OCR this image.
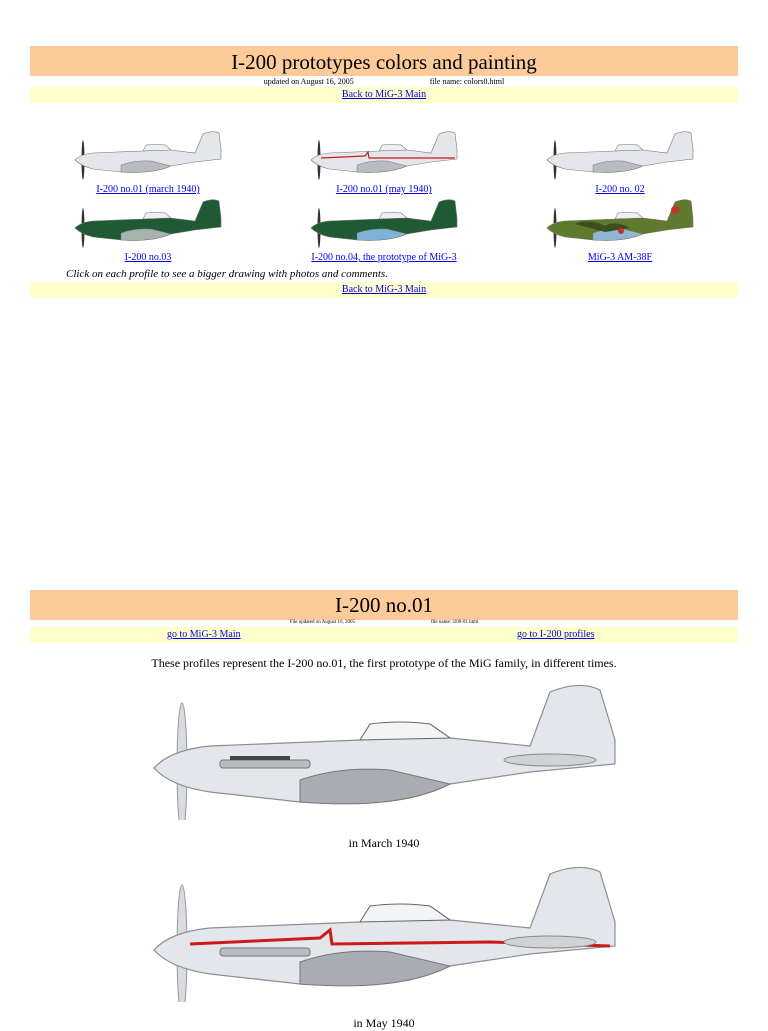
I-200 prototypes colors and painting
updated on August 16, 2005	file name: colors0.html
Back to MiG-3 Main
I-200 no.01 (march 1940)	I-200 no.01 (may 1940)	I-200 no. 02
I-200 no.03	I-200 no.04, the prototype of MiG-3	MiG-3 AM-38F
Click on each profile to see a bigger drawing with photos and comments.
Back to MiG-3 Main
I-200 no.01
File updated on August 16, 2005	file name: i200-01.html
go to MiG-3 Main	go to I-200 profiles
These profiles represent the I-200 no.01, the first prototype of the MiG family, in different times.
in March 1940
in May 1940
